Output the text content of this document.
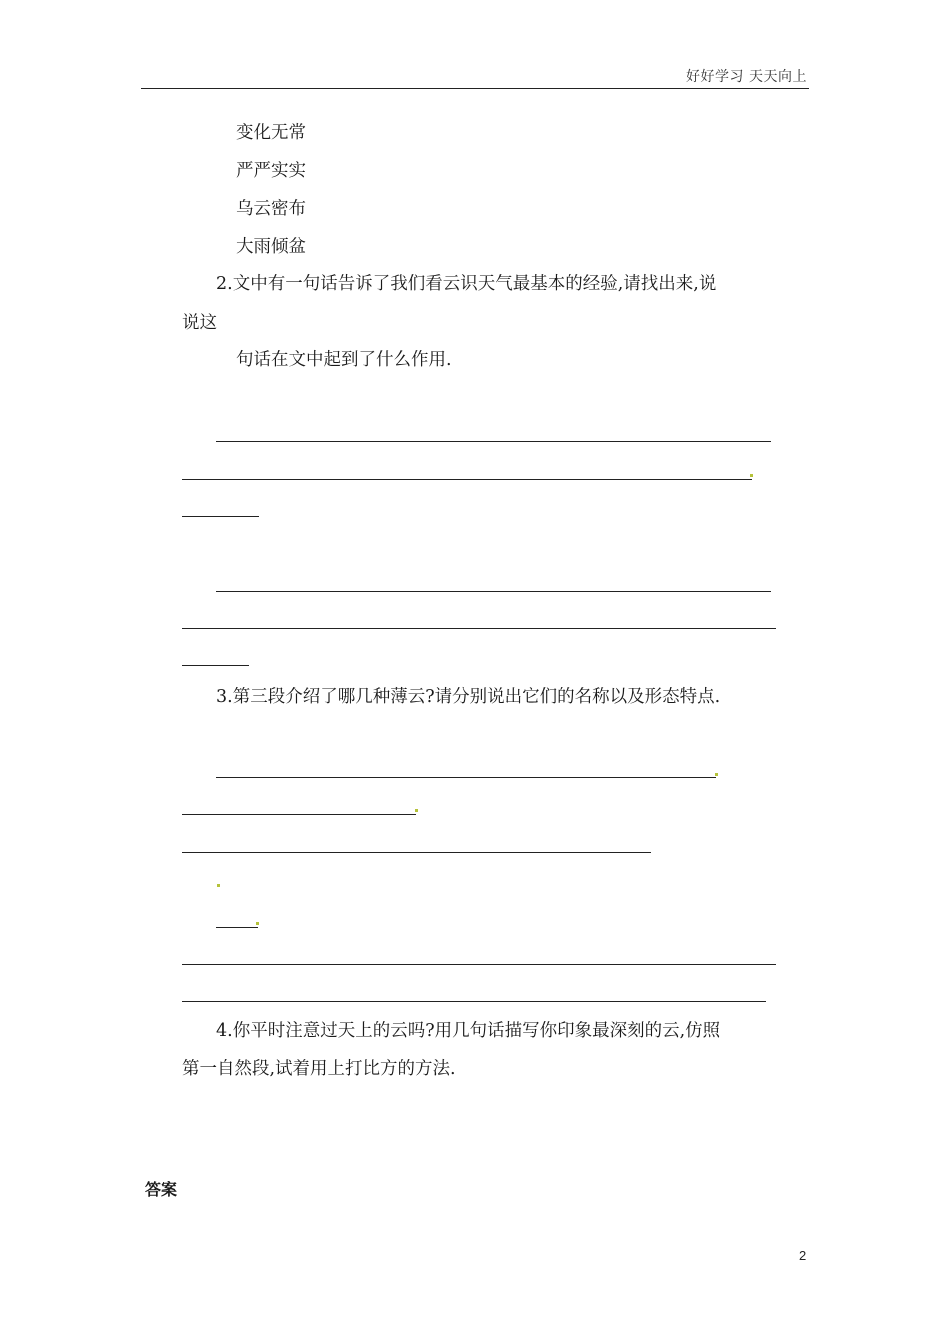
好好学习 天天向上
变化无常
严严实实
乌云密布
大雨倾盆
2.文中有一句话告诉了我们看云识天气最基本的经验,请找出来,说
说这
句话在文中起到了什么作用.
3.第三段介绍了哪几种薄云?请分别说出它们的名称以及形态特点.
4.你平时注意过天上的云吗?用几句话描写你印象最深刻的云,仿照
第一自然段,试着用上打比方的方法.
答案
2
